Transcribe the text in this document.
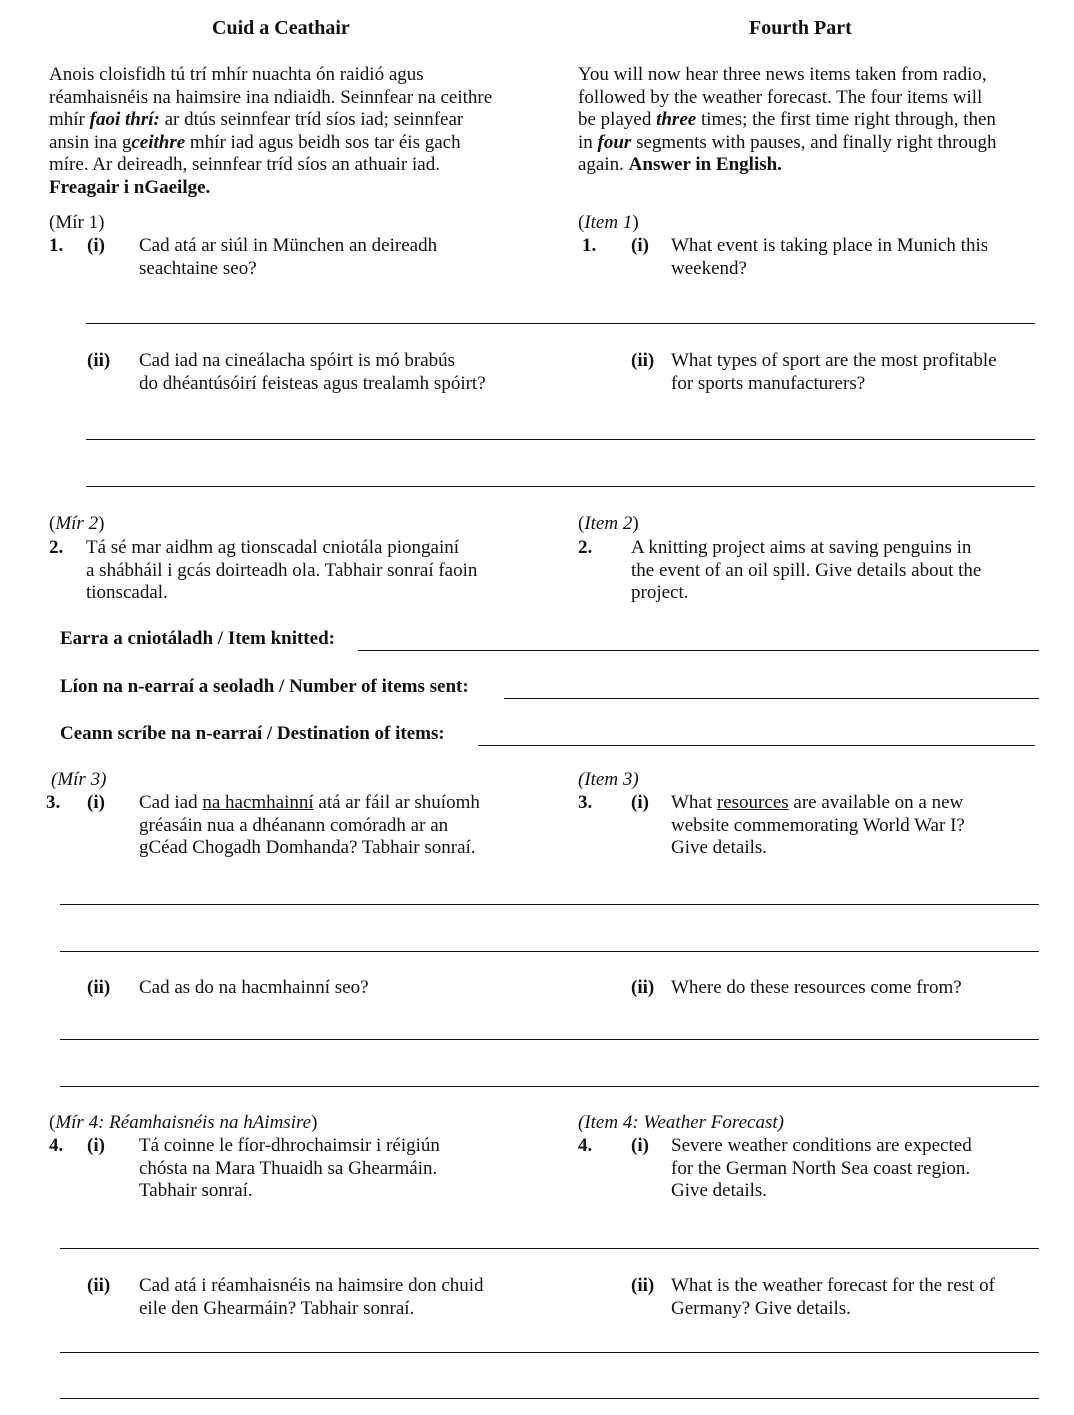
Cuid a Ceathair	Fourth Part
Anois cloisfidh tú trí mhír nuachta ón raidió agus
réamhaisnéis na haimsire ina ndiaidh. Seinnfear na ceithre
mhír faoi thrí: ar dtús seinnfear tríd síos iad; seinnfear
ansin ina gceithre mhír iad agus beidh sos tar éis gach
míre. Ar deireadh, seinnfear tríd síos an athuair iad.
Freagair i nGaeilge.
You will now hear three news items taken from radio,
followed by the weather forecast. The four items will
be played three times; the first time right through, then
in four segments with pauses, and finally right through
again. Answer in English.
(Mír 1)	(Item 1)
1. (i) Cad atá ar siúl in München an deireadh
seachtaine seo?
1. (i) What event is taking place in Munich this
weekend?
(ii) Cad iad na cineálacha spóirt is mó brabús
do dhéantúsóirí feisteas agus trealamh spóirt?
(ii) What types of sport are the most profitable
for sports manufacturers?
(Mír 2)	(Item 2)
2. Tá sé mar aidhm ag tionscadal cniotála piongainí
a shábháil i gcás doirteadh ola. Tabhair sonraí faoin
tionscadal.
2. A knitting project aims at saving penguins in
the event of an oil spill. Give details about the
project.
Earra a cniotáladh / Item knitted:
Líon na n-earraí a seoladh / Number of items sent:
Ceann scríbe na n-earraí / Destination of items:
(Mír 3)	(Item 3)
3. (i) Cad iad na hacmhainní atá ar fáil ar shuíomh
gréasáin nua a dhéanann comóradh ar an
gCéad Chogadh Domhanda? Tabhair sonraí.
3. (i) What resources are available on a new
website commemorating World War I?
Give details.
(ii) Cad as do na hacmhainní seo?	(ii) Where do these resources come from?
(Mír 4: Réamhaisnéis na hAimsire)	(Item 4: Weather Forecast)
4. (i) Tá coinne le fíor-dhrochaimsir i réigiún
chósta na Mara Thuaidh sa Ghearmáin.
Tabhair sonraí.
4. (i) Severe weather conditions are expected
for the German North Sea coast region.
Give details.
(ii) Cad atá i réamhaisnéis na haimsire don chuid
eile den Ghearmáin? Tabhair sonraí.
(ii) What is the weather forecast for the rest of
Germany? Give details.
